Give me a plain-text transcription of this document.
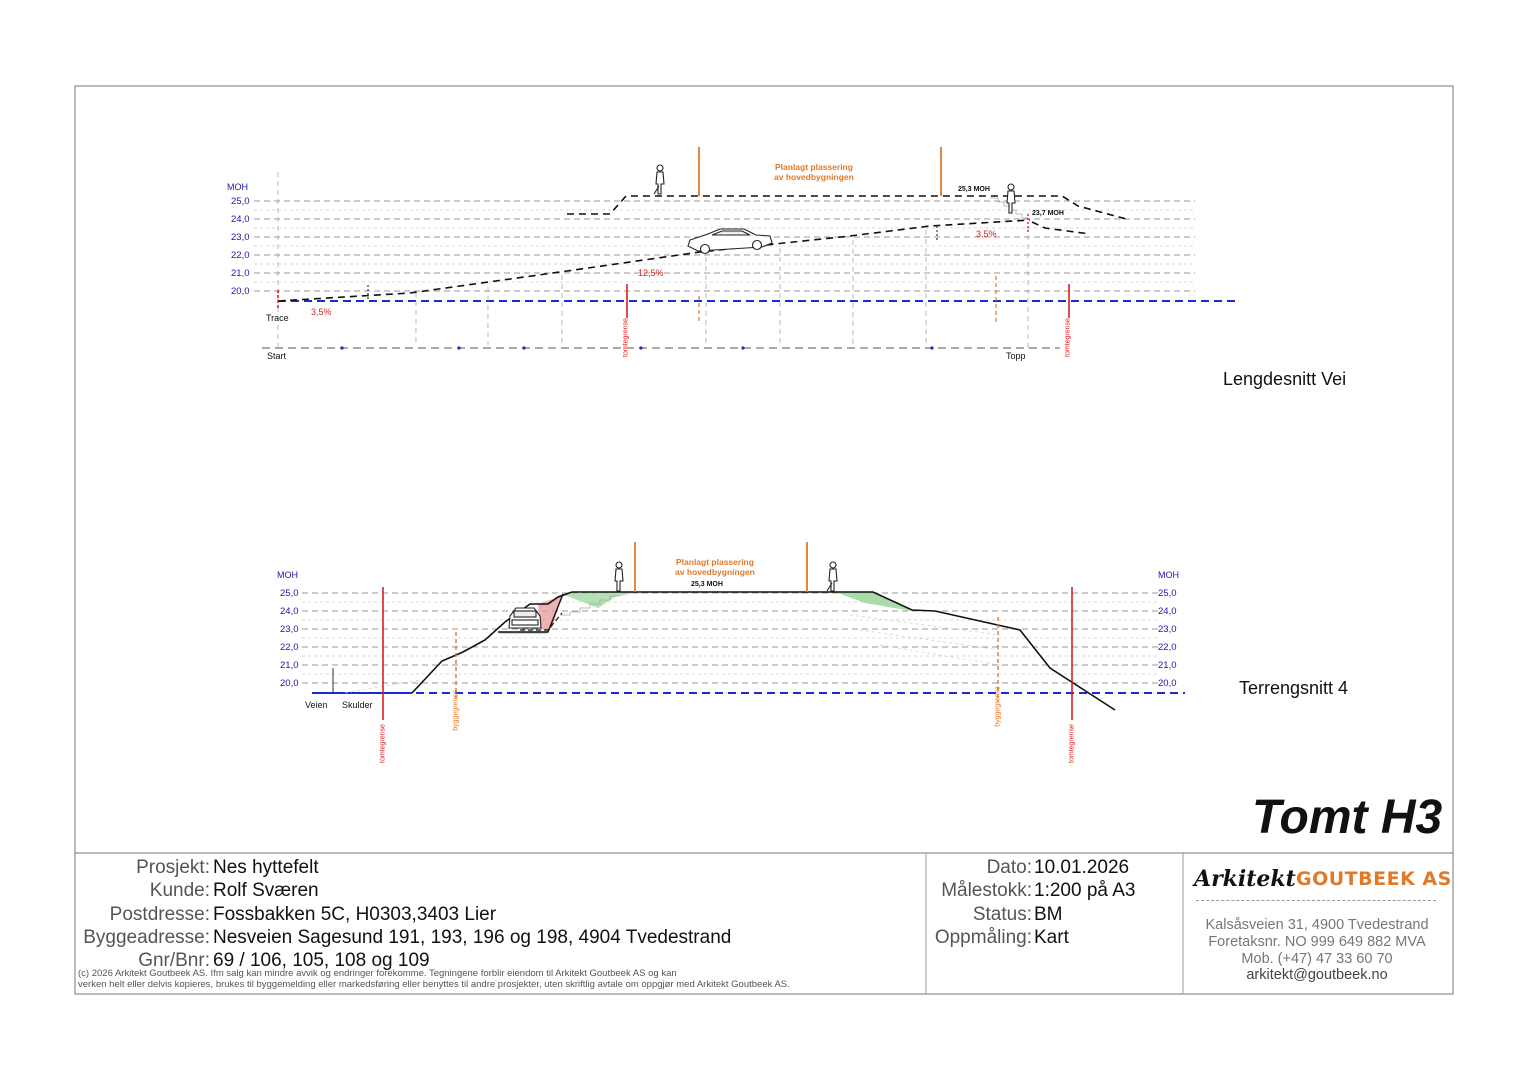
MOH
25,0
24,0
23,0
22,0
21,0
20,0
Planlagt plassering
av hovedbygningen
25,3 MOH
23,7 MOH
3,5%
12,5%
3,5%
Trace
Start	Topp
tomtegrense	tomtegrense
Lengdesnitt Vei
MOH	MOH
25,0
24,0
23,0
22,0
21,0
20,0
25,0
24,0
23,0
22,0
21,0
20,0
Planlagt plassering
av hovedbygningen
25,3 MOH
Veien Skulder
tomtegrense	tomtegrense
byggegrense	byggegrense	Terrengsnitt 4
Tomt H3
Prosjekt: Nes hyttefelt
Kunde: Rolf Sværen
Postdresse: Fossbakken 5C, H0303,3403 Lier
Byggeadresse: Nesveien Sagesund 191, 193, 196 og 198, 4904 Tvedestrand
Gnr/Bnr: 69 / 106, 105, 108 og 109
(c) 2026 Arkitekt Goutbeek AS. Ifm salg kan mindre avvik og endringer forekomme. Tegningene forblir eiendom til Arkitekt Goutbeek AS og kan
verken helt eller delvis kopieres, brukes til byggemelding eller markedsføring eller benyttes til andre prosjekter, uten skriftlig avtale om oppgjør med Arkitekt Goutbeek AS.
Dato: 10.01.2026
Målestokk: 1:200 på A3
Status: BM
Oppmåling: Kart
Arkitekt GOUTBEEK AS
Kalsåsveien 31, 4900 Tvedestrand
Foretaksnr. NO 999 649 882 MVA
Mob. (+47) 47 33 60 70
arkitekt@goutbeek.no
